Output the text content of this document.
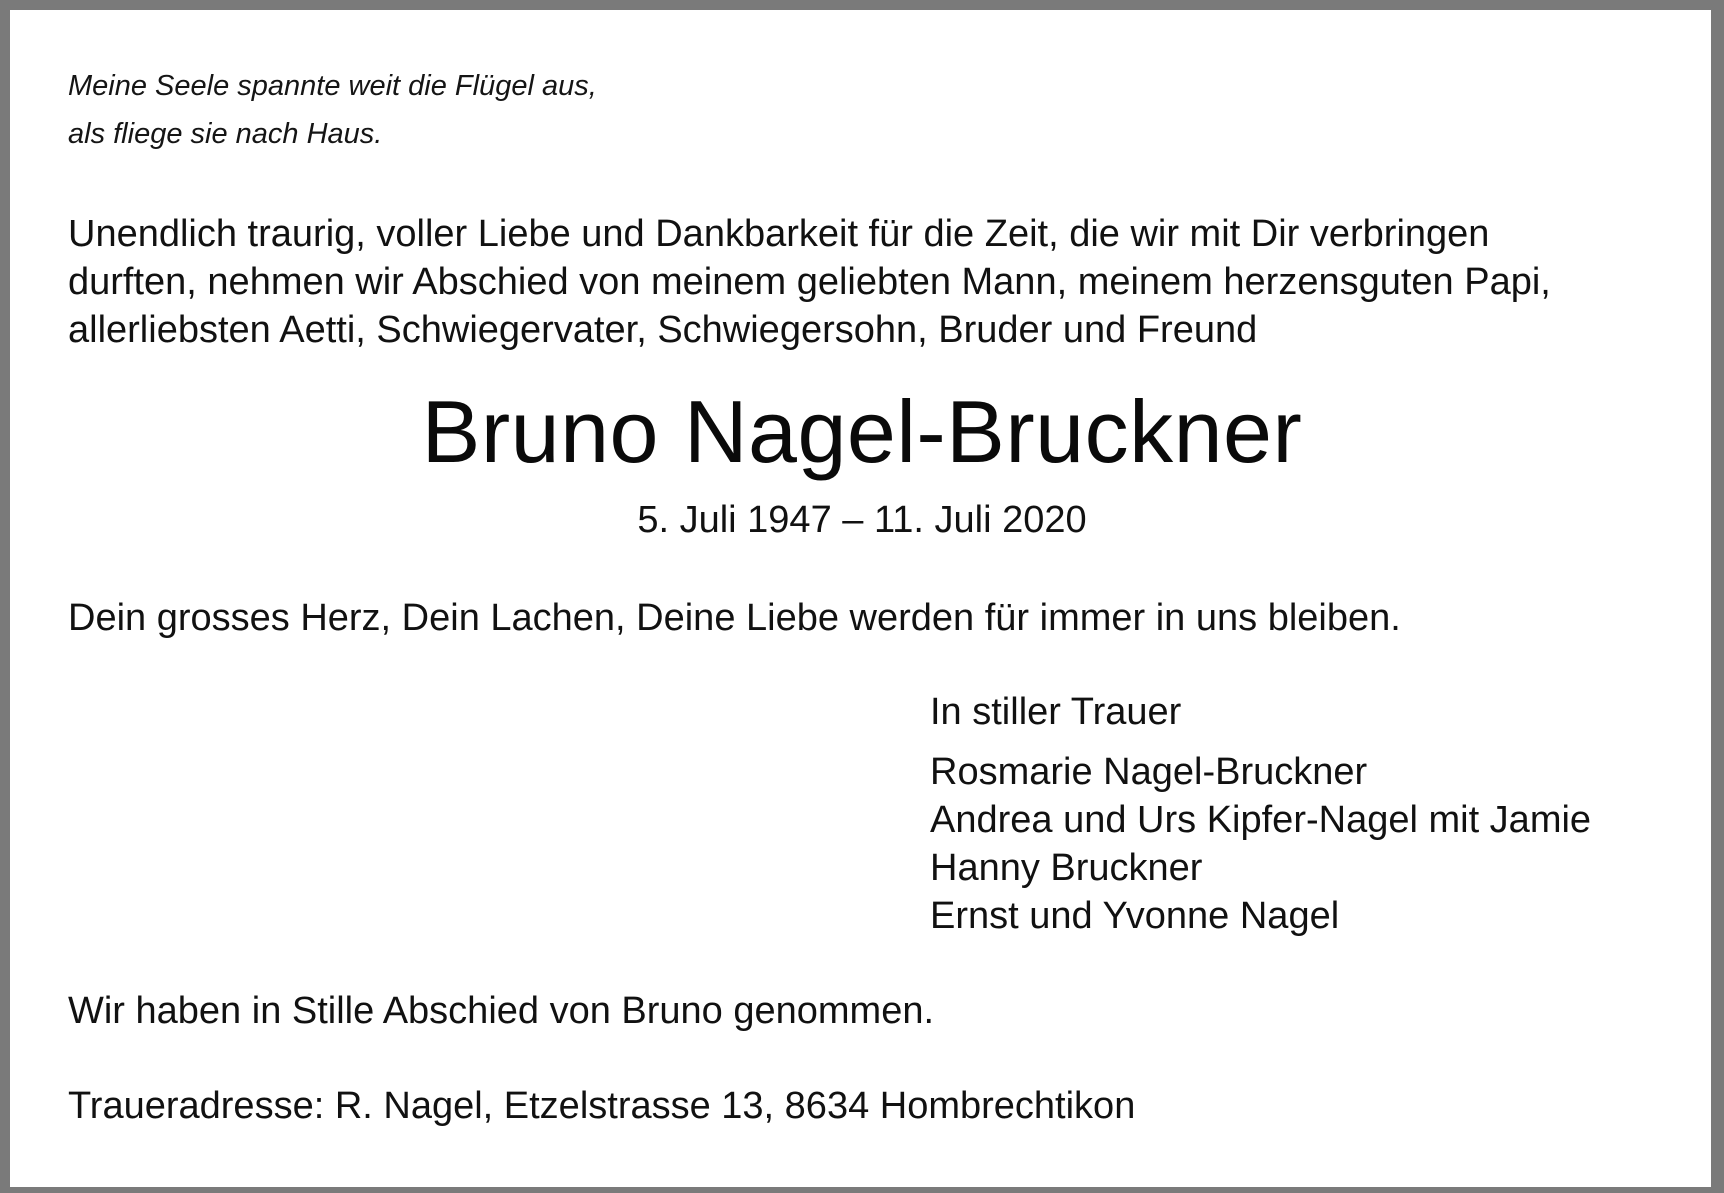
Meine Seele spannte weit die Flügel aus,
als fliege sie nach Haus.
Unendlich traurig, voller Liebe und Dankbarkeit für die Zeit, die wir mit Dir verbringen
durften, nehmen wir Abschied von meinem geliebten Mann, meinem herzensguten Papi,
allerliebsten Aetti, Schwiegervater, Schwiegersohn, Bruder und Freund
Bruno Nagel-Bruckner
5. Juli 1947 – 11. Juli 2020
Dein grosses Herz, Dein Lachen, Deine Liebe werden für immer in uns bleiben.
In stiller Trauer
Rosmarie Nagel-Bruckner
Andrea und Urs Kipfer-Nagel mit Jamie
Hanny Bruckner
Ernst und Yvonne Nagel
Wir haben in Stille Abschied von Bruno genommen.
Traueradresse: R. Nagel, Etzelstrasse 13, 8634 Hombrechtikon
